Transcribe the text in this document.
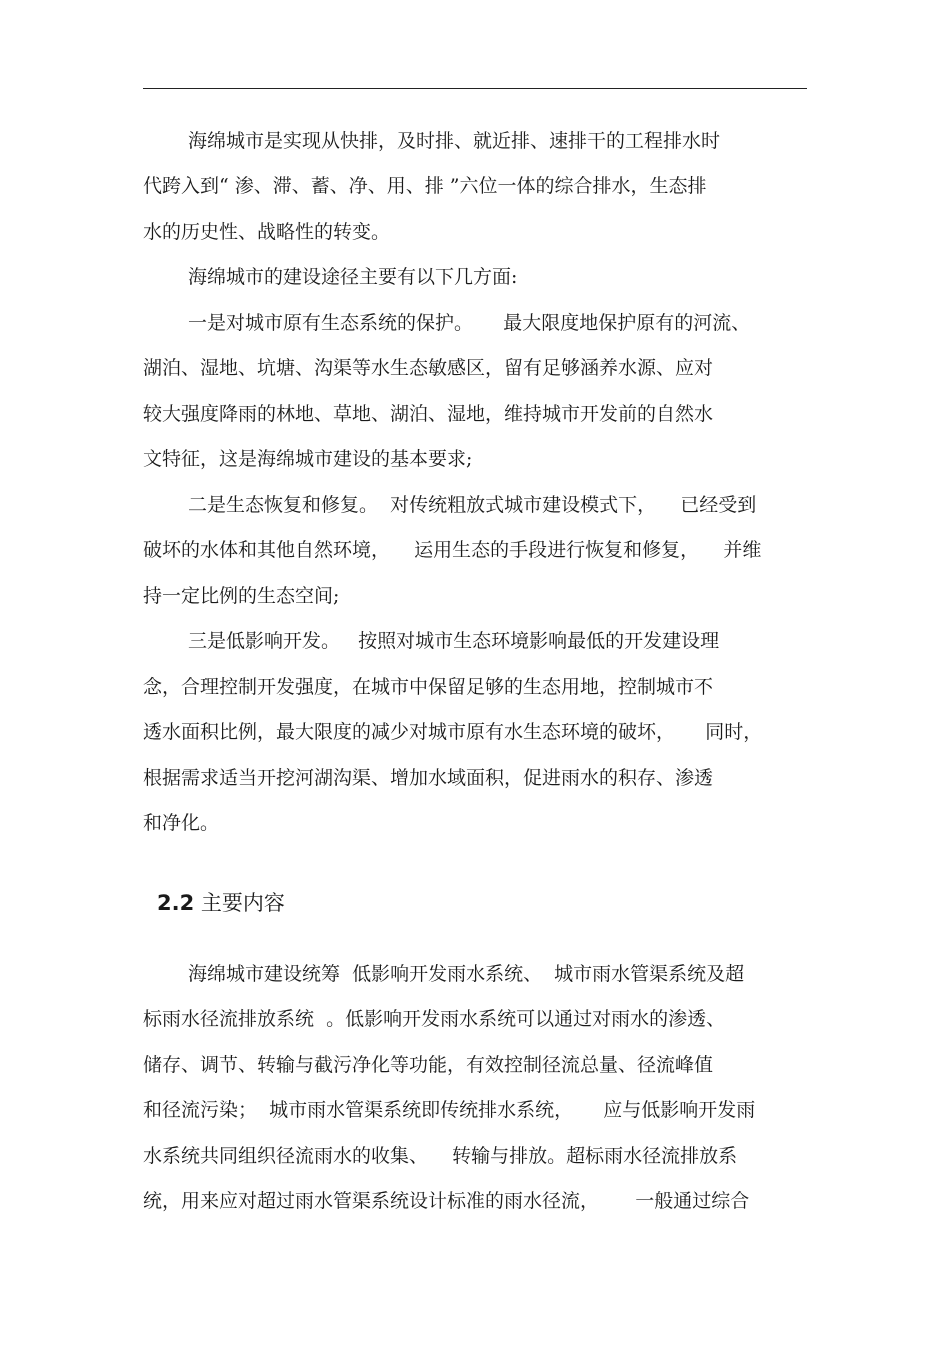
海绵城市是实现从快排，及时排、就近排、速排干的工程排水时
代跨入到“ 渗、滞、蓄、净、用、排 ”六位一体的综合排水，生态排
水的历史性、战略性的转变。
海绵城市的建设途径主要有以下几方面:
一是对城市原有生态系统的保护。     最大限度地保护原有的河流、
湖泊、湿地、坑塘、沟渠等水生态敏感区，留有足够涵养水源、应对
较大强度降雨的林地、草地、湖泊、湿地，维持城市开发前的自然水
文特征，这是海绵城市建设的基本要求;
二是生态恢复和修复。  对传统粗放式城市建设模式下，    已经受到
破坏的水体和其他自然环境，    运用生态的手段进行恢复和修复，    并维
持一定比例的生态空间;
三是低影响开发。   按照对城市生态环境影响最低的开发建设理
念，合理控制开发强度，在城市中保留足够的生态用地，控制城市不
透水面积比例，最大限度的减少对城市原有水生态环境的破坏，     同时，
根据需求适当开挖河湖沟渠、增加水域面积，促进雨水的积存、渗透
和净化。
2.2 主要内容
海绵城市建设统筹  低影响开发雨水系统、  城市雨水管渠系统及超
标雨水径流排放系统  。低影响开发雨水系统可以通过对雨水的渗透、
储存、调节、转输与截污净化等功能，有效控制径流总量、径流峰值
和径流污染；  城市雨水管渠系统即传统排水系统，     应与低影响开发雨
水系统共同组织径流雨水的收集、    转输与排放。超标雨水径流排放系
统，用来应对超过雨水管渠系统设计标准的雨水径流，      一般通过综合
